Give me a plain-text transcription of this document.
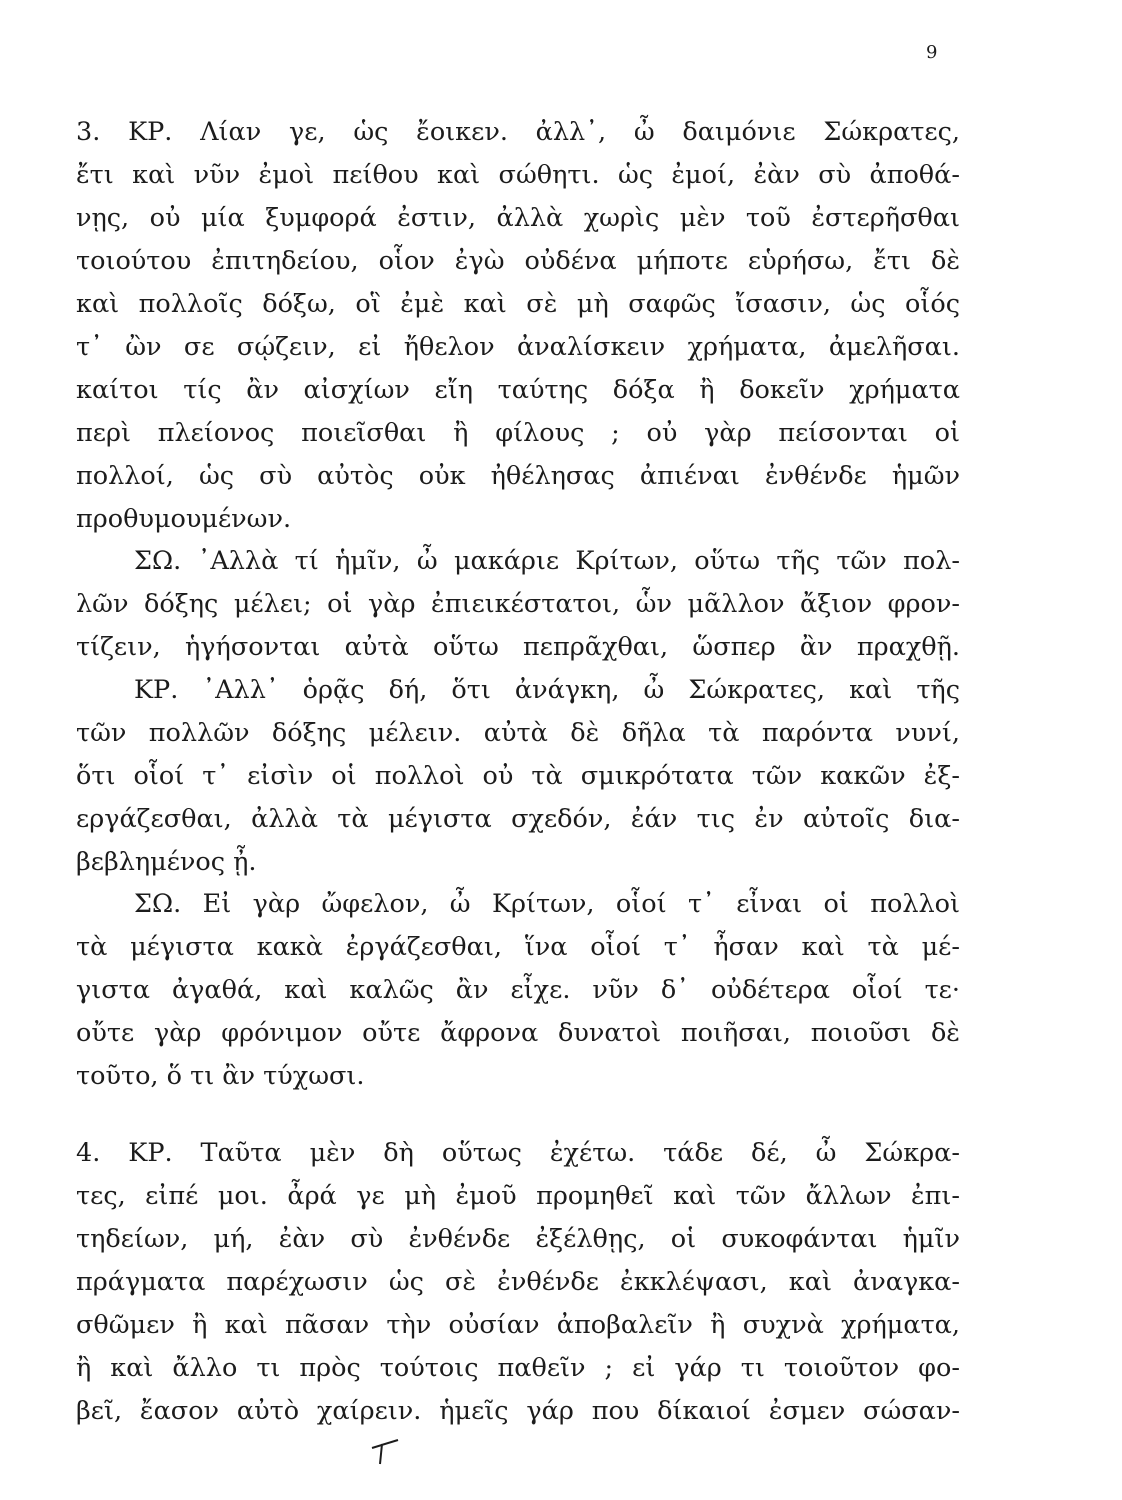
9
3. ΚΡ. Λίαν γε, ὡς ἔοικεν. ἀλλ᾽, ὦ δαιμόνιε Σώκρατες,
ἔτι καὶ νῦν ἐμοὶ πείθου καὶ σώθητι. ὡς ἐμοί, ἐὰν σὺ ἀποθά-
νῃς, οὐ μία ξυμφορά ἐστιν, ἀλλὰ χωρὶς μὲν τοῦ ἐστερῆσθαι
τοιούτου ἐπιτηδείου, οἷον ἐγὼ οὐδένα μήποτε εὑρήσω, ἔτι δὲ
καὶ πολλοῖς δόξω, οἳ ἐμὲ καὶ σὲ μὴ σαφῶς ἴσασιν, ὡς οἷός
τ᾽ ὢν σε σῴζειν, εἰ ἤθελον ἀναλίσκειν χρήματα, ἀμελῆσαι.
καίτοι τίς ἂν αἰσχίων εἴη ταύτης δόξα ἢ δοκεῖν χρήματα
περὶ πλείονος ποιεῖσθαι ἢ φίλους ; οὐ γὰρ πείσονται οἱ
πολλοί, ὡς σὺ αὐτὸς οὐκ ἠθέλησας ἀπιέναι ἐνθένδε ἡμῶν
προθυμουμένων.
ΣΩ. ᾿Αλλὰ τί ἡμῖν, ὦ μακάριε Κρίτων, οὕτω τῆς τῶν πολ-
λῶν δόξης μέλει; οἱ γὰρ ἐπιεικέστατοι, ὧν μᾶλλον ἄξιον φρον-
τίζειν, ἡγήσονται αὐτὰ οὕτω πεπρᾶχθαι, ὥσπερ ἂν πραχθῇ.
ΚΡ. ᾿Αλλ᾽ ὁρᾷς δή, ὅτι ἀνάγκη, ὦ Σώκρατες, καὶ τῆς
τῶν πολλῶν δόξης μέλειν. αὐτὰ δὲ δῆλα τὰ παρόντα νυνί,
ὅτι οἷοί τ᾽ εἰσὶν οἱ πολλοὶ οὐ τὰ σμικρότατα τῶν κακῶν ἐξ-
εργάζεσθαι, ἀλλὰ τὰ μέγιστα σχεδόν, ἐάν τις ἐν αὐτοῖς δια-
βεβλημένος ᾖ.
ΣΩ. Εἰ γὰρ ὤφελον, ὦ Κρίτων, οἷοί τ᾽ εἶναι οἱ πολλοὶ
τὰ μέγιστα κακὰ ἐργάζεσθαι, ἵνα οἷοί τ᾽ ἦσαν καὶ τὰ μέ-
γιστα ἀγαθά, καὶ καλῶς ἂν εἶχε. νῦν δ᾽ οὐδέτερα οἷοί τε·
οὔτε γὰρ φρόνιμον οὔτε ἄφρονα δυνατοὶ ποιῆσαι, ποιοῦσι δὲ
τοῦτο, ὅ τι ἂν τύχωσι.
4. ΚΡ. Ταῦτα μὲν δὴ οὕτως ἐχέτω. τάδε δέ, ὦ Σώκρα-
τες, εἰπέ μοι. ἆρά γε μὴ ἐμοῦ προμηθεῖ καὶ τῶν ἄλλων ἐπι-
τηδείων, μή, ἐὰν σὺ ἐνθένδε ἐξέλθῃς, οἱ συκοφάνται ἡμῖν
πράγματα παρέχωσιν ὡς σὲ ἐνθένδε ἐκκλέψασι, καὶ ἀναγκα-
σθῶμεν ἢ καὶ πᾶσαν τὴν οὐσίαν ἀποβαλεῖν ἢ συχνὰ χρήματα,
ἢ καὶ ἄλλο τι πρὸς τούτοις παθεῖν ; εἰ γάρ τι τοιοῦτον φο-
βεῖ, ἔασον αὐτὸ χαίρειν. ἡμεῖς γάρ που δίκαιοί ἐσμεν σώσαν-
